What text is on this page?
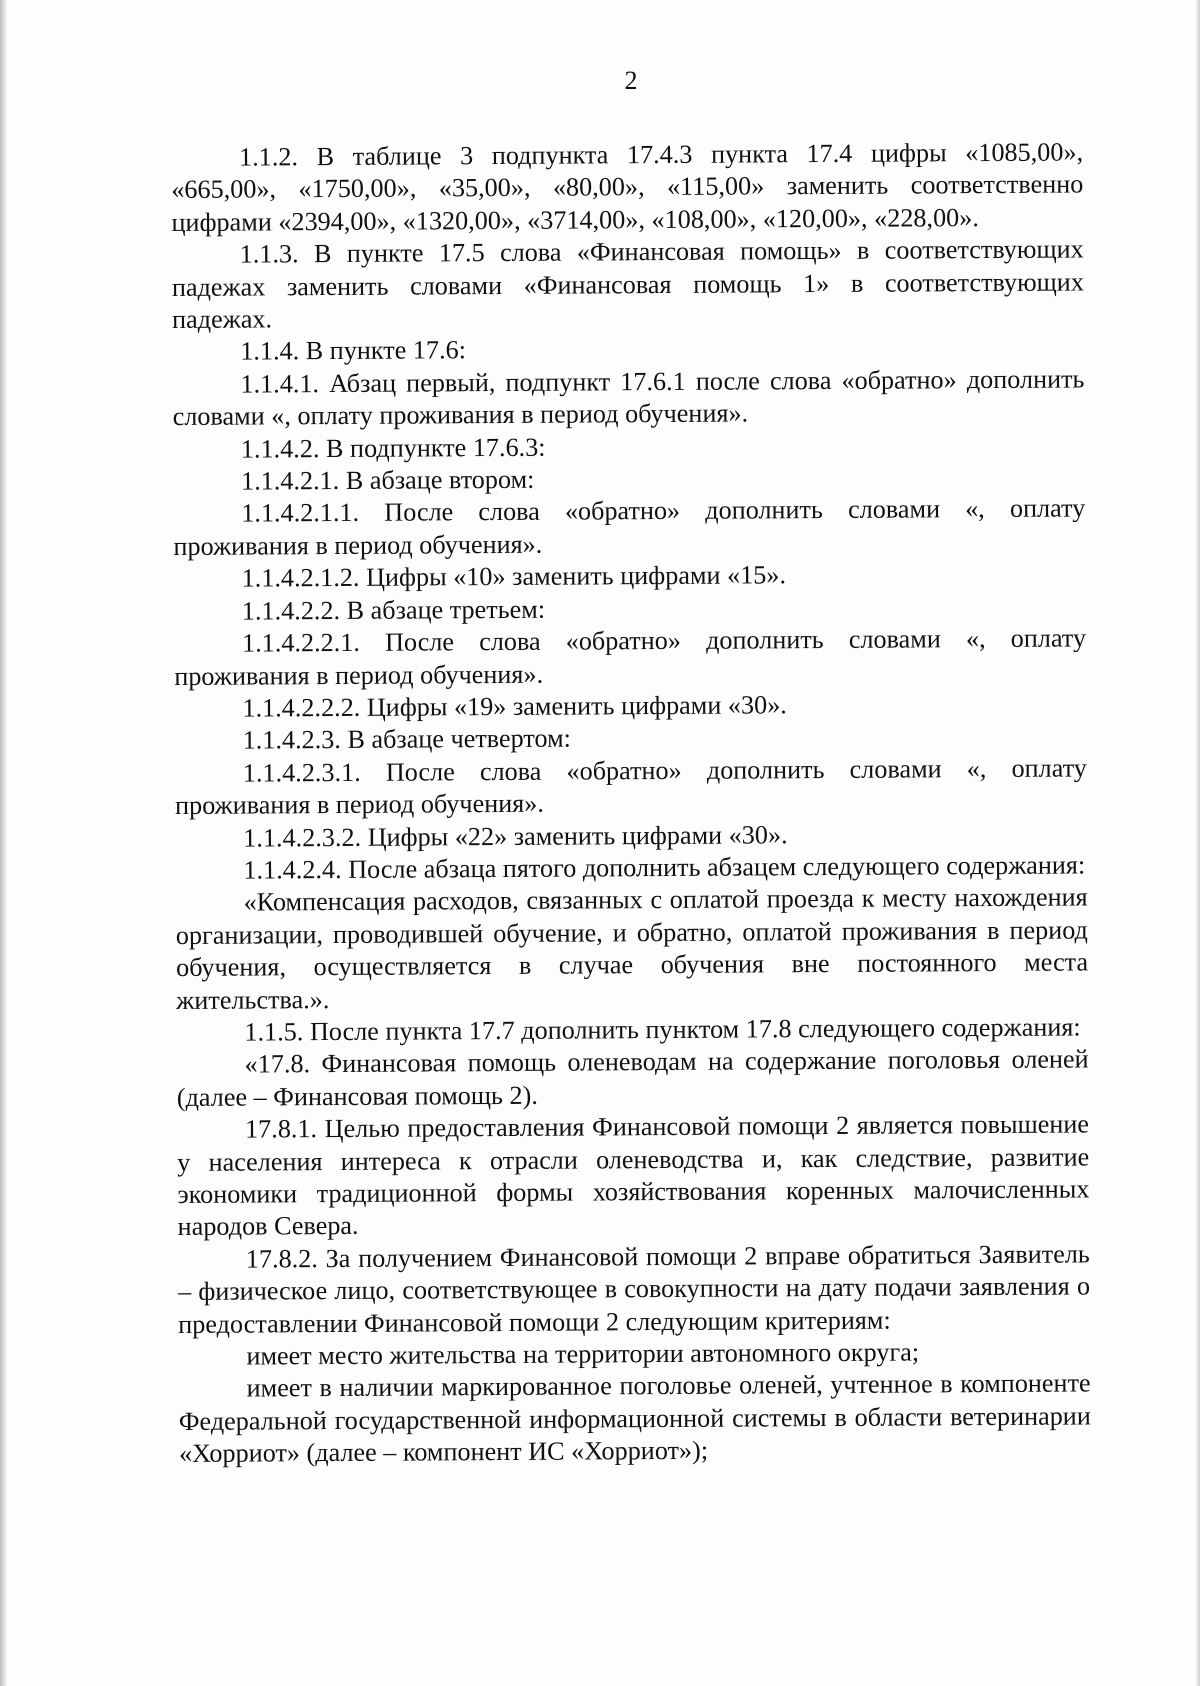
2

1.1.2. В таблице 3 подпункта 17.4.3 пункта 17.4 цифры «1085,00», «665,00», «1750,00», «35,00», «80,00», «115,00» заменить соответственно цифрами «2394,00», «1320,00», «3714,00», «108,00», «120,00», «228,00».

1.1.3. В пункте 17.5 слова «Финансовая помощь» в соответствующих падежах заменить словами «Финансовая помощь 1» в соответствующих падежах.

1.1.4. В пункте 17.6:

1.1.4.1. Абзац первый, подпункт 17.6.1 после слова «обратно» дополнить словами «, оплату проживания в период обучения».

1.1.4.2. В подпункте 17.6.3:

1.1.4.2.1. В абзаце втором:

1.1.4.2.1.1. После слова «обратно» дополнить словами «, оплату проживания в период обучения».

1.1.4.2.1.2. Цифры «10» заменить цифрами «15».

1.1.4.2.2. В абзаце третьем:

1.1.4.2.2.1. После слова «обратно» дополнить словами «, оплату проживания в период обучения».

1.1.4.2.2.2. Цифры «19» заменить цифрами «30».

1.1.4.2.3. В абзаце четвертом:

1.1.4.2.3.1. После слова «обратно» дополнить словами «, оплату проживания в период обучения».

1.1.4.2.3.2. Цифры «22» заменить цифрами «30».

1.1.4.2.4. После абзаца пятого дополнить абзацем следующего содержания:

«Компенсация расходов, связанных с оплатой проезда к месту нахождения организации, проводившей обучение, и обратно, оплатой проживания в период обучения, осуществляется в случае обучения вне постоянного места жительства.».

1.1.5. После пункта 17.7 дополнить пунктом 17.8 следующего содержания:

«17.8. Финансовая помощь оленеводам на содержание поголовья оленей (далее – Финансовая помощь 2).

17.8.1. Целью предоставления Финансовой помощи 2 является повышение у населения интереса к отрасли оленеводства и, как следствие, развитие экономики традиционной формы хозяйствования коренных малочисленных народов Севера.

17.8.2. За получением Финансовой помощи 2 вправе обратиться Заявитель – физическое лицо, соответствующее в совокупности на дату подачи заявления о предоставлении Финансовой помощи 2 следующим критериям:

имеет место жительства на территории автономного округа;

имеет в наличии маркированное поголовье оленей, учтенное в компоненте Федеральной государственной информационной системы в области ветеринарии «Хорриот» (далее – компонент ИС «Хорриот»);
